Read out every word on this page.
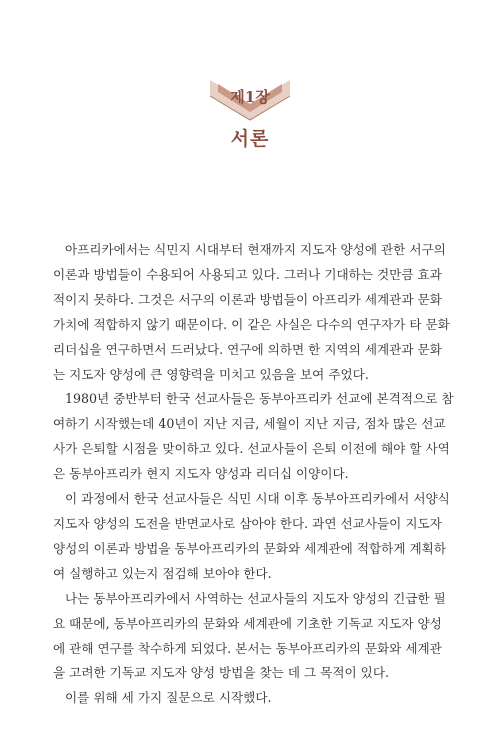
제1장
서론
아프리카에서는 식민지 시대부터 현재까지 지도자 양성에 관한 서구의
이론과 방법들이 수용되어 사용되고 있다. 그러나 기대하는 것만큼 효과
적이지 못하다. 그것은 서구의 이론과 방법들이 아프리카 세계관과 문화
가치에 적합하지 않기 때문이다. 이 같은 사실은 다수의 연구자가 타 문화
리더십을 연구하면서 드러났다. 연구에 의하면 한 지역의 세계관과 문화
는 지도자 양성에 큰 영향력을 미치고 있음을 보여 주었다.
1980년 중반부터 한국 선교사들은 동부아프리카 선교에 본격적으로 참
여하기 시작했는데 40년이 지난 지금, 세월이 지난 지금, 점차 많은 선교
사가 은퇴할 시점을 맞이하고 있다. 선교사들이 은퇴 이전에 해야 할 사역
은 동부아프리카 현지 지도자 양성과 리더십 이양이다.
이 과정에서 한국 선교사들은 식민 시대 이후 동부아프리카에서 서양식
지도자 양성의 도전을 반면교사로 삼아야 한다. 과연 선교사들이 지도자
양성의 이론과 방법을 동부아프리카의 문화와 세계관에 적합하게 계획하
여 실행하고 있는지 점검해 보아야 한다.
나는 동부아프리카에서 사역하는 선교사들의 지도자 양성의 긴급한 필
요 때문에, 동부아프리카의 문화와 세계관에 기초한 기독교 지도자 양성
에 관해 연구를 착수하게 되었다. 본서는 동부아프리카의 문화와 세계관
을 고려한 기독교 지도자 양성 방법을 찾는 데 그 목적이 있다.
이를 위해 세 가지 질문으로 시작했다.
